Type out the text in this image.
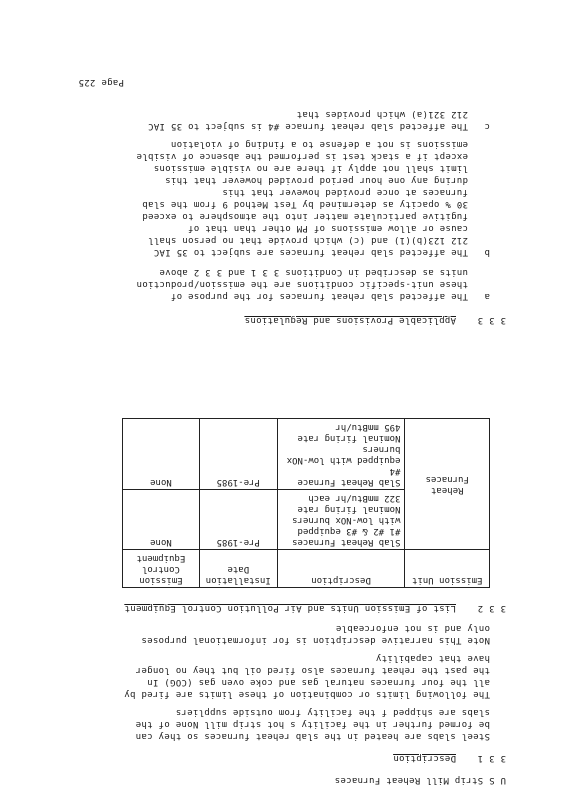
U S Strip Mill Reheat Furnaces
3 3 1
Description
Steel slabs are heated in the slab reheat furnaces so they can
be formed further in the facility s hot strip mill None of the
slabs are shipped f the facility from outside suppliers
The following limits or combination of these limits are fired by
all the four furnaces natural gas and coke oven gas (COG) In
the past the reheat furnaces also fired oil but they no longer
have that capability
Note This narrative description is for informational purposes
only and is not enforceable
3 3 2
List of Emission Units and Air Pollution Control Equipment
Emission Unit	Description	Installation Date	Emission Control Equipment

Reheat
Furnaces	Slab Reheat Furnaces
#1 #2 & #3 equipped
with low-NOx burners
Nominal firing rate
322 mmBtu/hr each	Pre-1985	None

	Slab Reheat Furnace #4
equipped with low-NOx
burners
Nominal firing rate
495 mmBtu/hr	Pre-1985	None
3 3 3
Applicable Provisions and Regulations
a
The affected slab reheat furnaces for the purpose of
these unit-specific conditions are the emission/production
units as described in Conditions 3 3 1 and 3 3 2 above
b
The affected slab reheat furnaces are subject to 35 IAC
212 123(b)(1) and (c) which provide that no person shall
cause or allow emissions of PM other than that of
fugitive particulate matter into the atmosphere to exceed
30 % opacity as determined by Test Method 9 from the slab
furnaces at once provided however that this
during any one hour period provided however that this
limit shall not apply if there are no visible emissions
except if a stack test is performed the absence of visible
emissions is not a defense to a finding of violation
c
The affected slab reheat furnace #4 is subject to 35 IAC
212 321(a) which provides that
Page 225
